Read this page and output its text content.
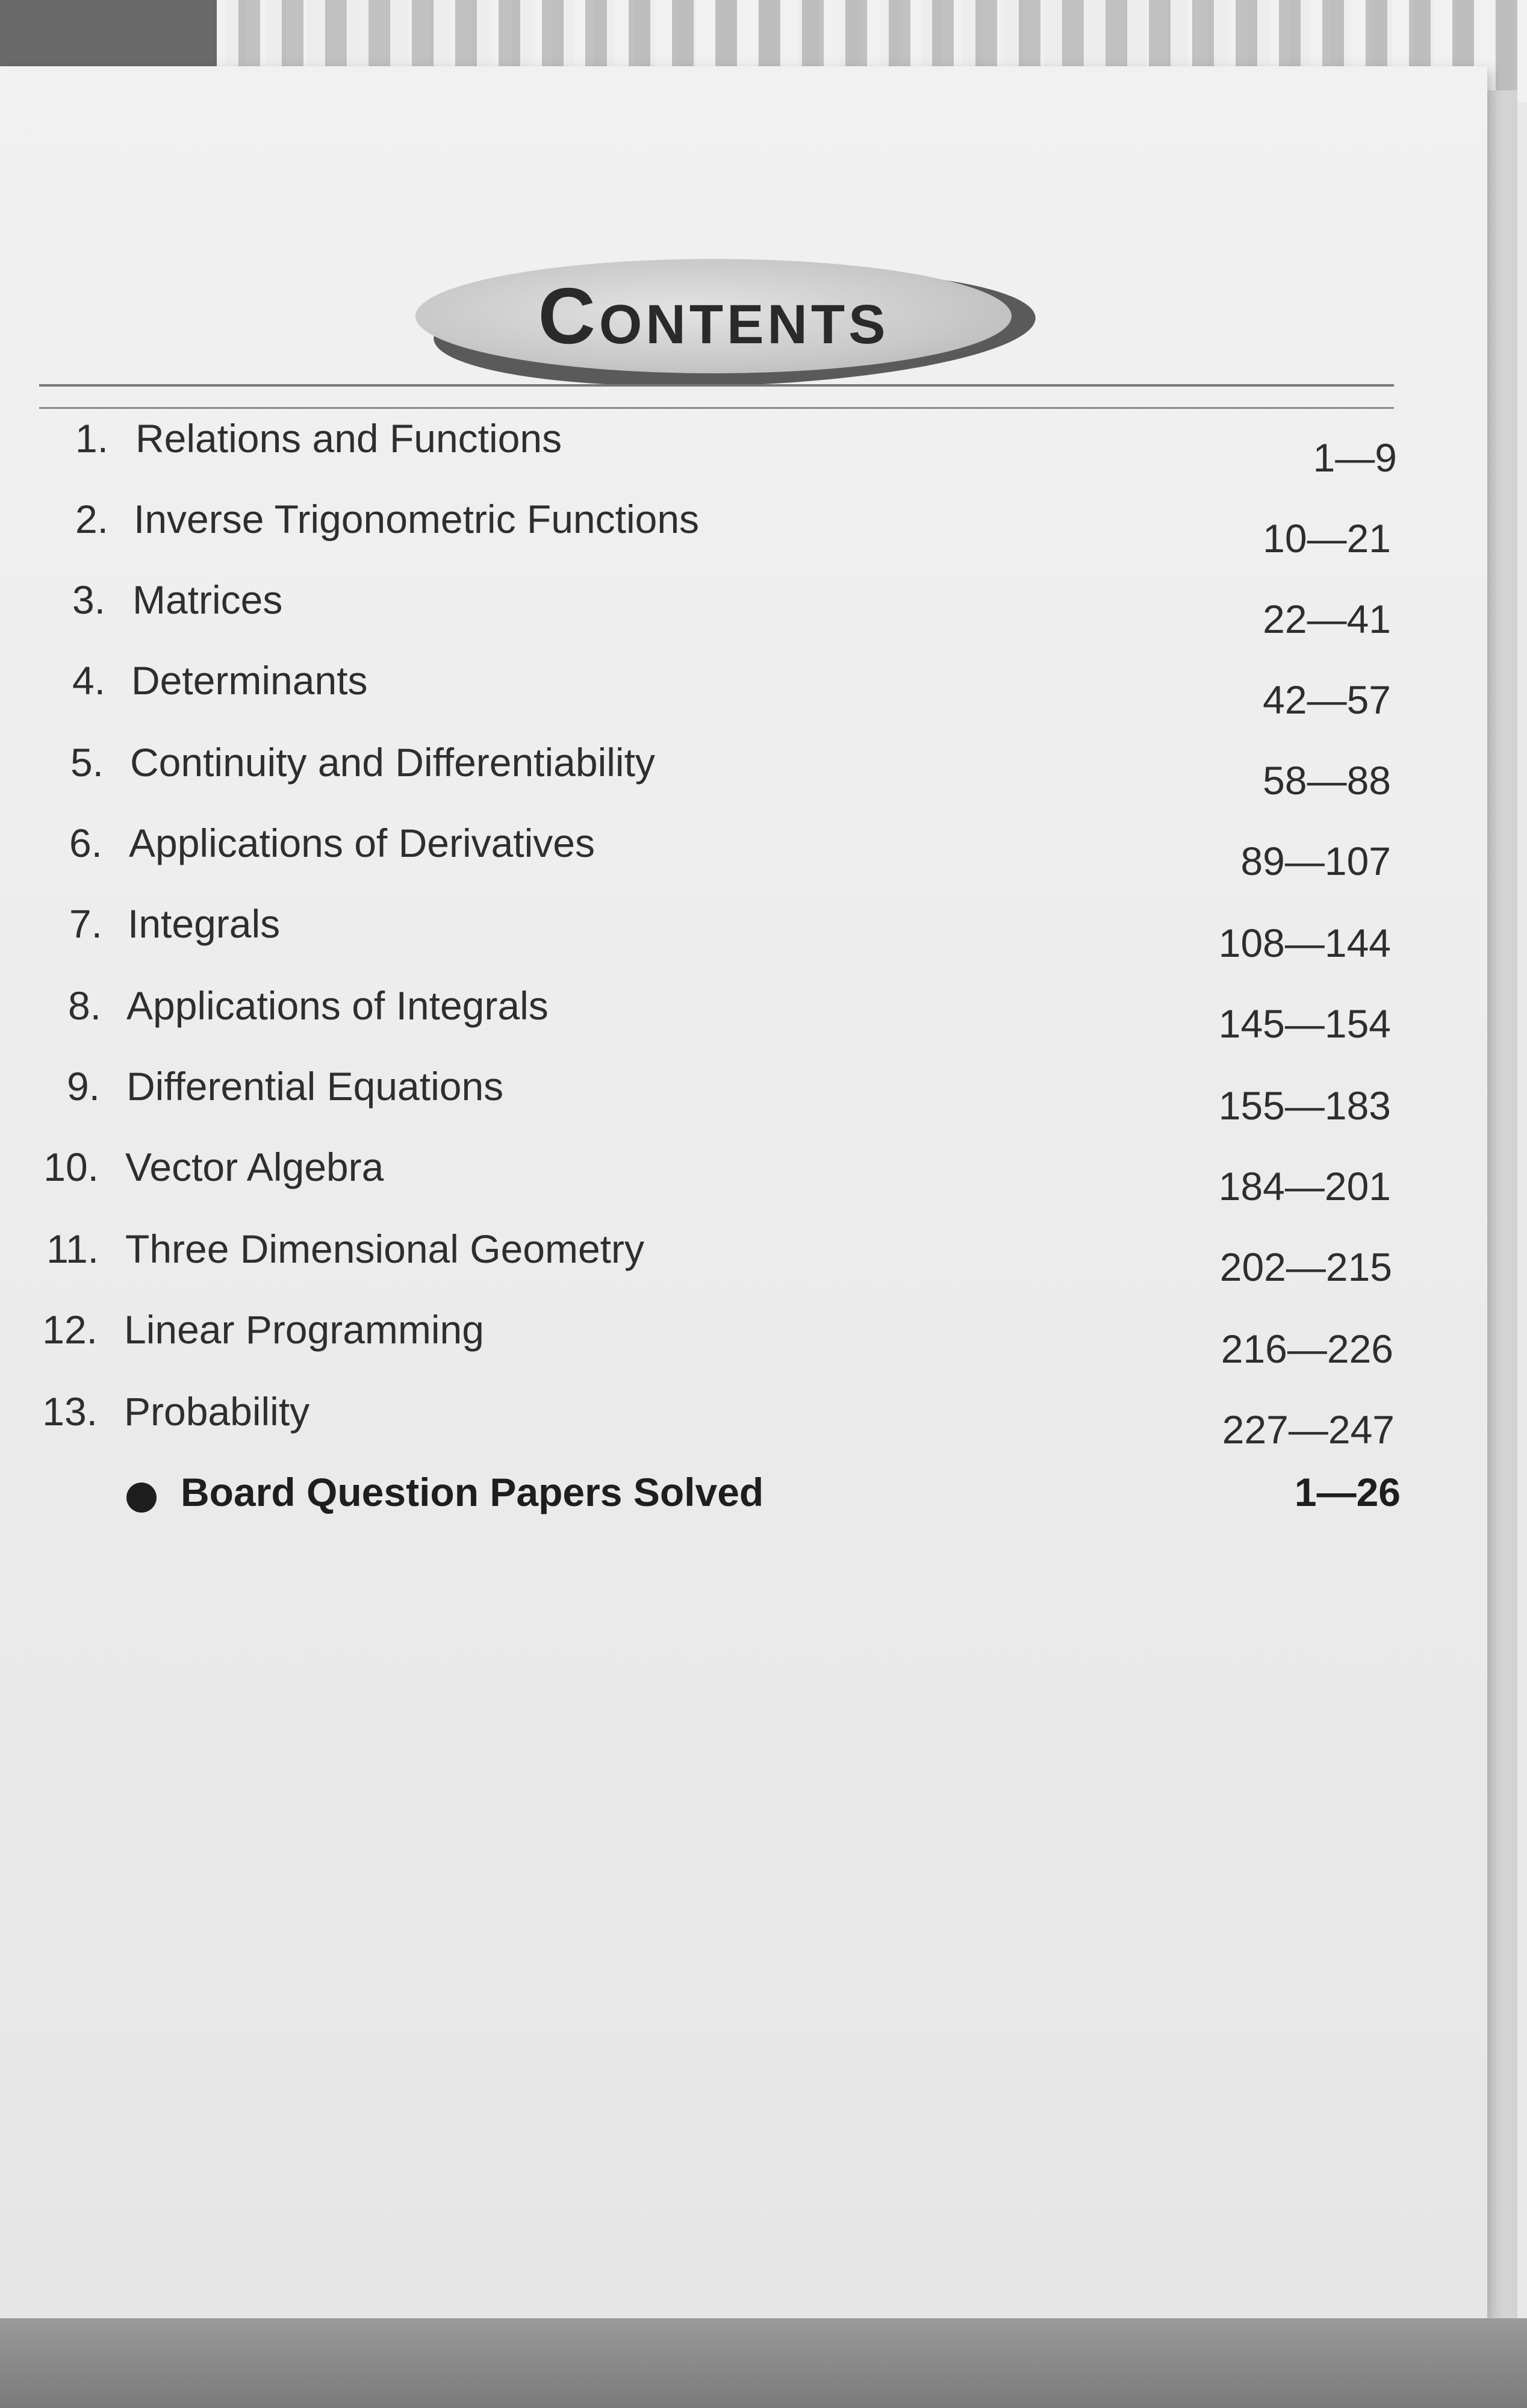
Contents
1. Relations and Functions	1—9
2. Inverse Trigonometric Functions	10—21
3. Matrices	22—41
4. Determinants	42—57
5. Continuity and Differentiability	58—88
6. Applications of Derivatives	89—107
7. Integrals	108—144
8. Applications of Integrals	145—154
9. Differential Equations	155—183
10. Vector Algebra	184—201
11. Three Dimensional Geometry	202—215
12. Linear Programming	216—226
13. Probability	227—247
Board Question Papers Solved	1—26
